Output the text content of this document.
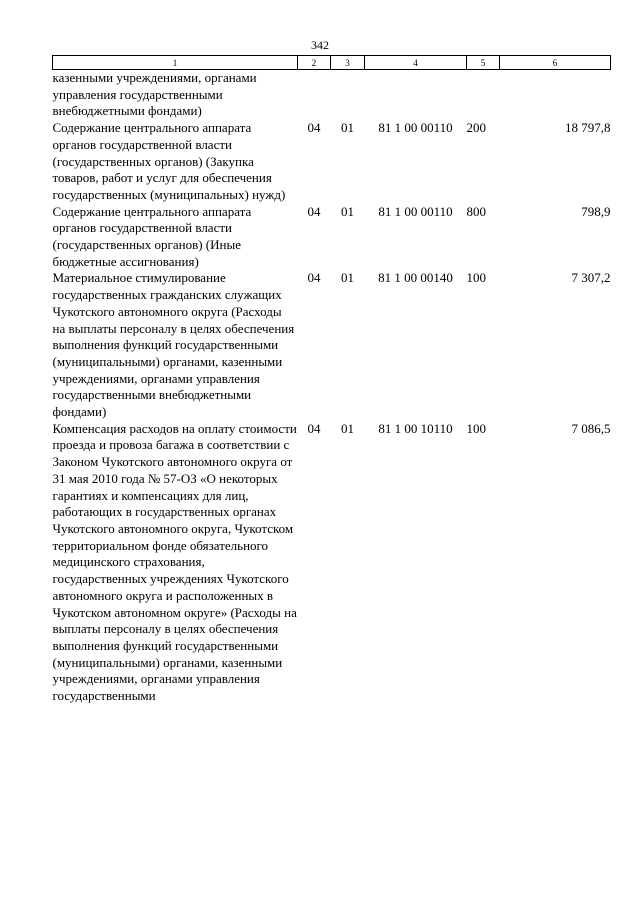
342
1	2	3	4	5	6
казенными учреждениями, органами управления государственными внебюджетными фондами)					
Содержание центрального аппарата органов государственной власти (государственных органов) (Закупка товаров, работ и услуг для обеспечения государственных (муниципальных) нужд)	04	01	81 1 00 00110	200	18 797,8
Содержание центрального аппарата органов государственной власти (государственных органов) (Иные бюджетные ассигнования)	04	01	81 1 00 00110	800	798,9
Материальное стимулирование государственных гражданских служащих Чукотского автономного округа (Расходы на выплаты персоналу в целях обеспечения выполнения функций государственными (муниципальными) органами, казенными учреждениями, органами управления государственными внебюджетными фондами)	04	01	81 1 00 00140	100	7 307,2
Компенсация расходов на оплату стоимости проезда и провоза багажа в соответствии с Законом Чукотского автономного округа от 31 мая 2010 года № 57-ОЗ «О некоторых гарантиях и компенсациях для лиц, работающих в государственных органах Чукотского автономного округа, Чукотском территориальном фонде обязательного медицинского страхования, государственных учреждениях Чукотского автономного округа и расположенных в Чукотском автономном округе» (Расходы на выплаты персоналу в целях обеспечения выполнения функций государственными (муниципальными) органами, казенными учреждениями, органами управления государственными	04	01	81 1 00 10110	100	7 086,5
